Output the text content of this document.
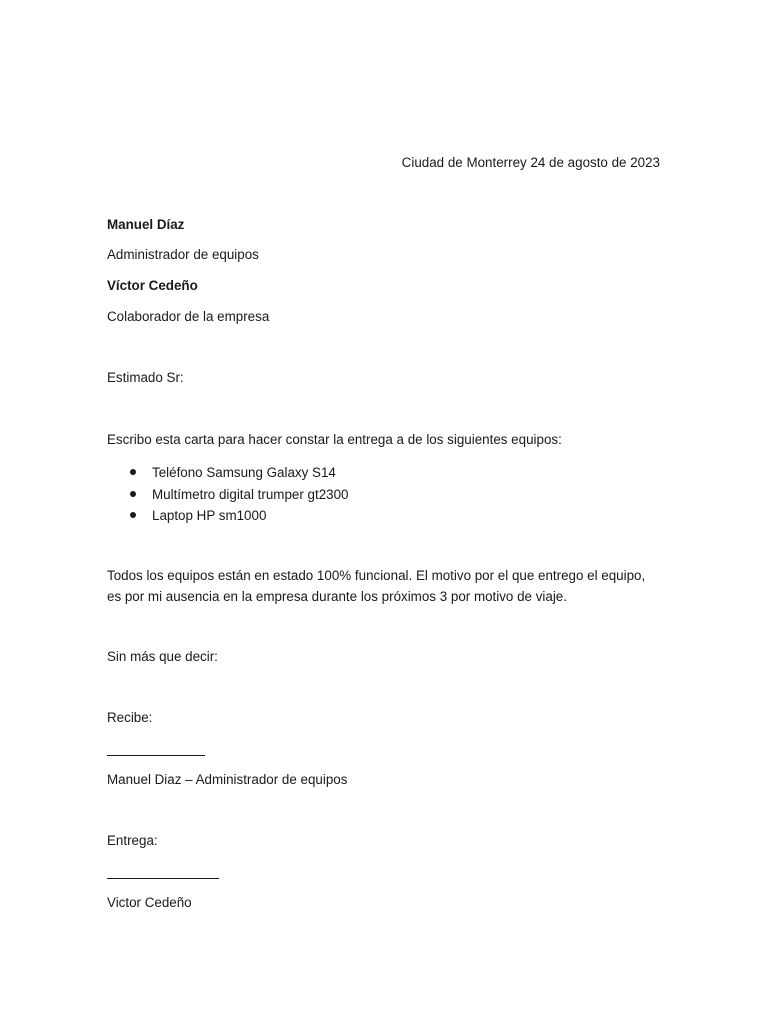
Ciudad de Monterrey 24 de agosto de 2023
Manuel Díaz
Administrador de equipos
Víctor Cedeño
Colaborador de la empresa
Estimado Sr:
Escribo esta carta para hacer constar la entrega a de los siguientes equipos:
Teléfono Samsung Galaxy S14
Multímetro digital trumper gt2300
Laptop HP sm1000
Todos los equipos están en estado 100% funcional. El motivo por el que entrego el equipo,
es por mi ausencia en la empresa durante los próximos 3 por motivo de viaje.
Sin más que decir:
Recibe:
Manuel Diaz – Administrador de equipos
Entrega:
Victor Cedeño
